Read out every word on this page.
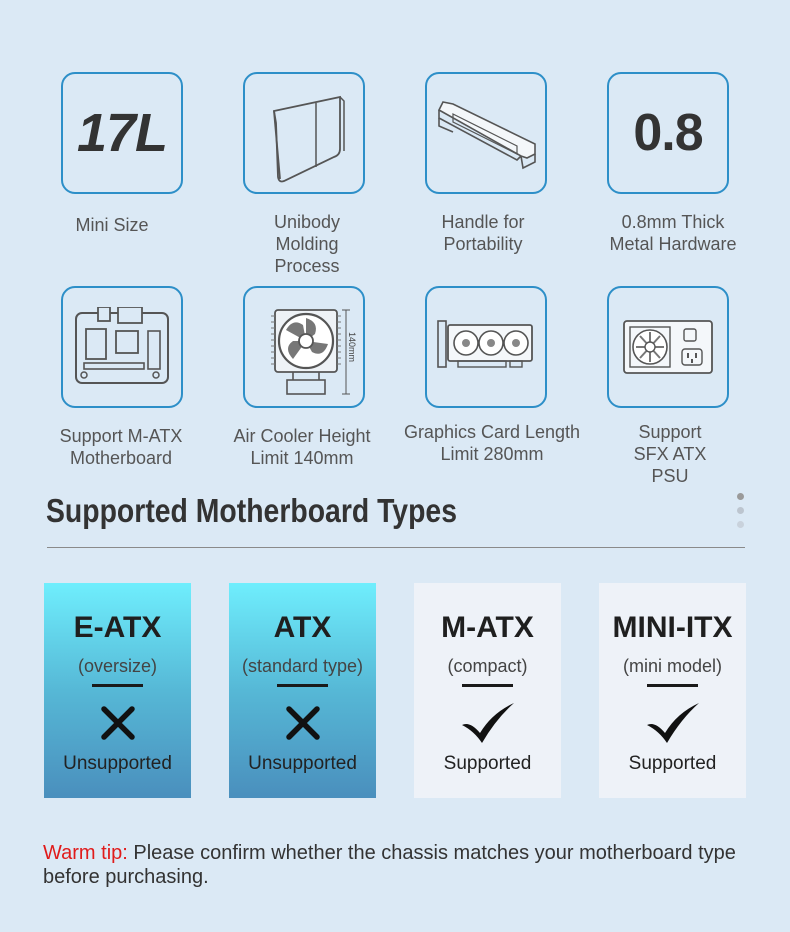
17L	0.8
Mini Size	Unibody Molding Process
Handle for Portability
0.8mm Thick Metal Hardware
140mm
Support M-ATX Motherboard
Air Cooler Height Limit 140mm
Graphics Card Length Limit 280mm
Support SFX ATX PSU
Supported Motherboard Types
E-ATX
(oversize)
Unsupported
ATX
(standard type)
Unsupported
M-ATX
(compact)
Supported
MINI-ITX
(mini model)
Supported
Warm tip: Please confirm whether the chassis matches your motherboard type before purchasing.
